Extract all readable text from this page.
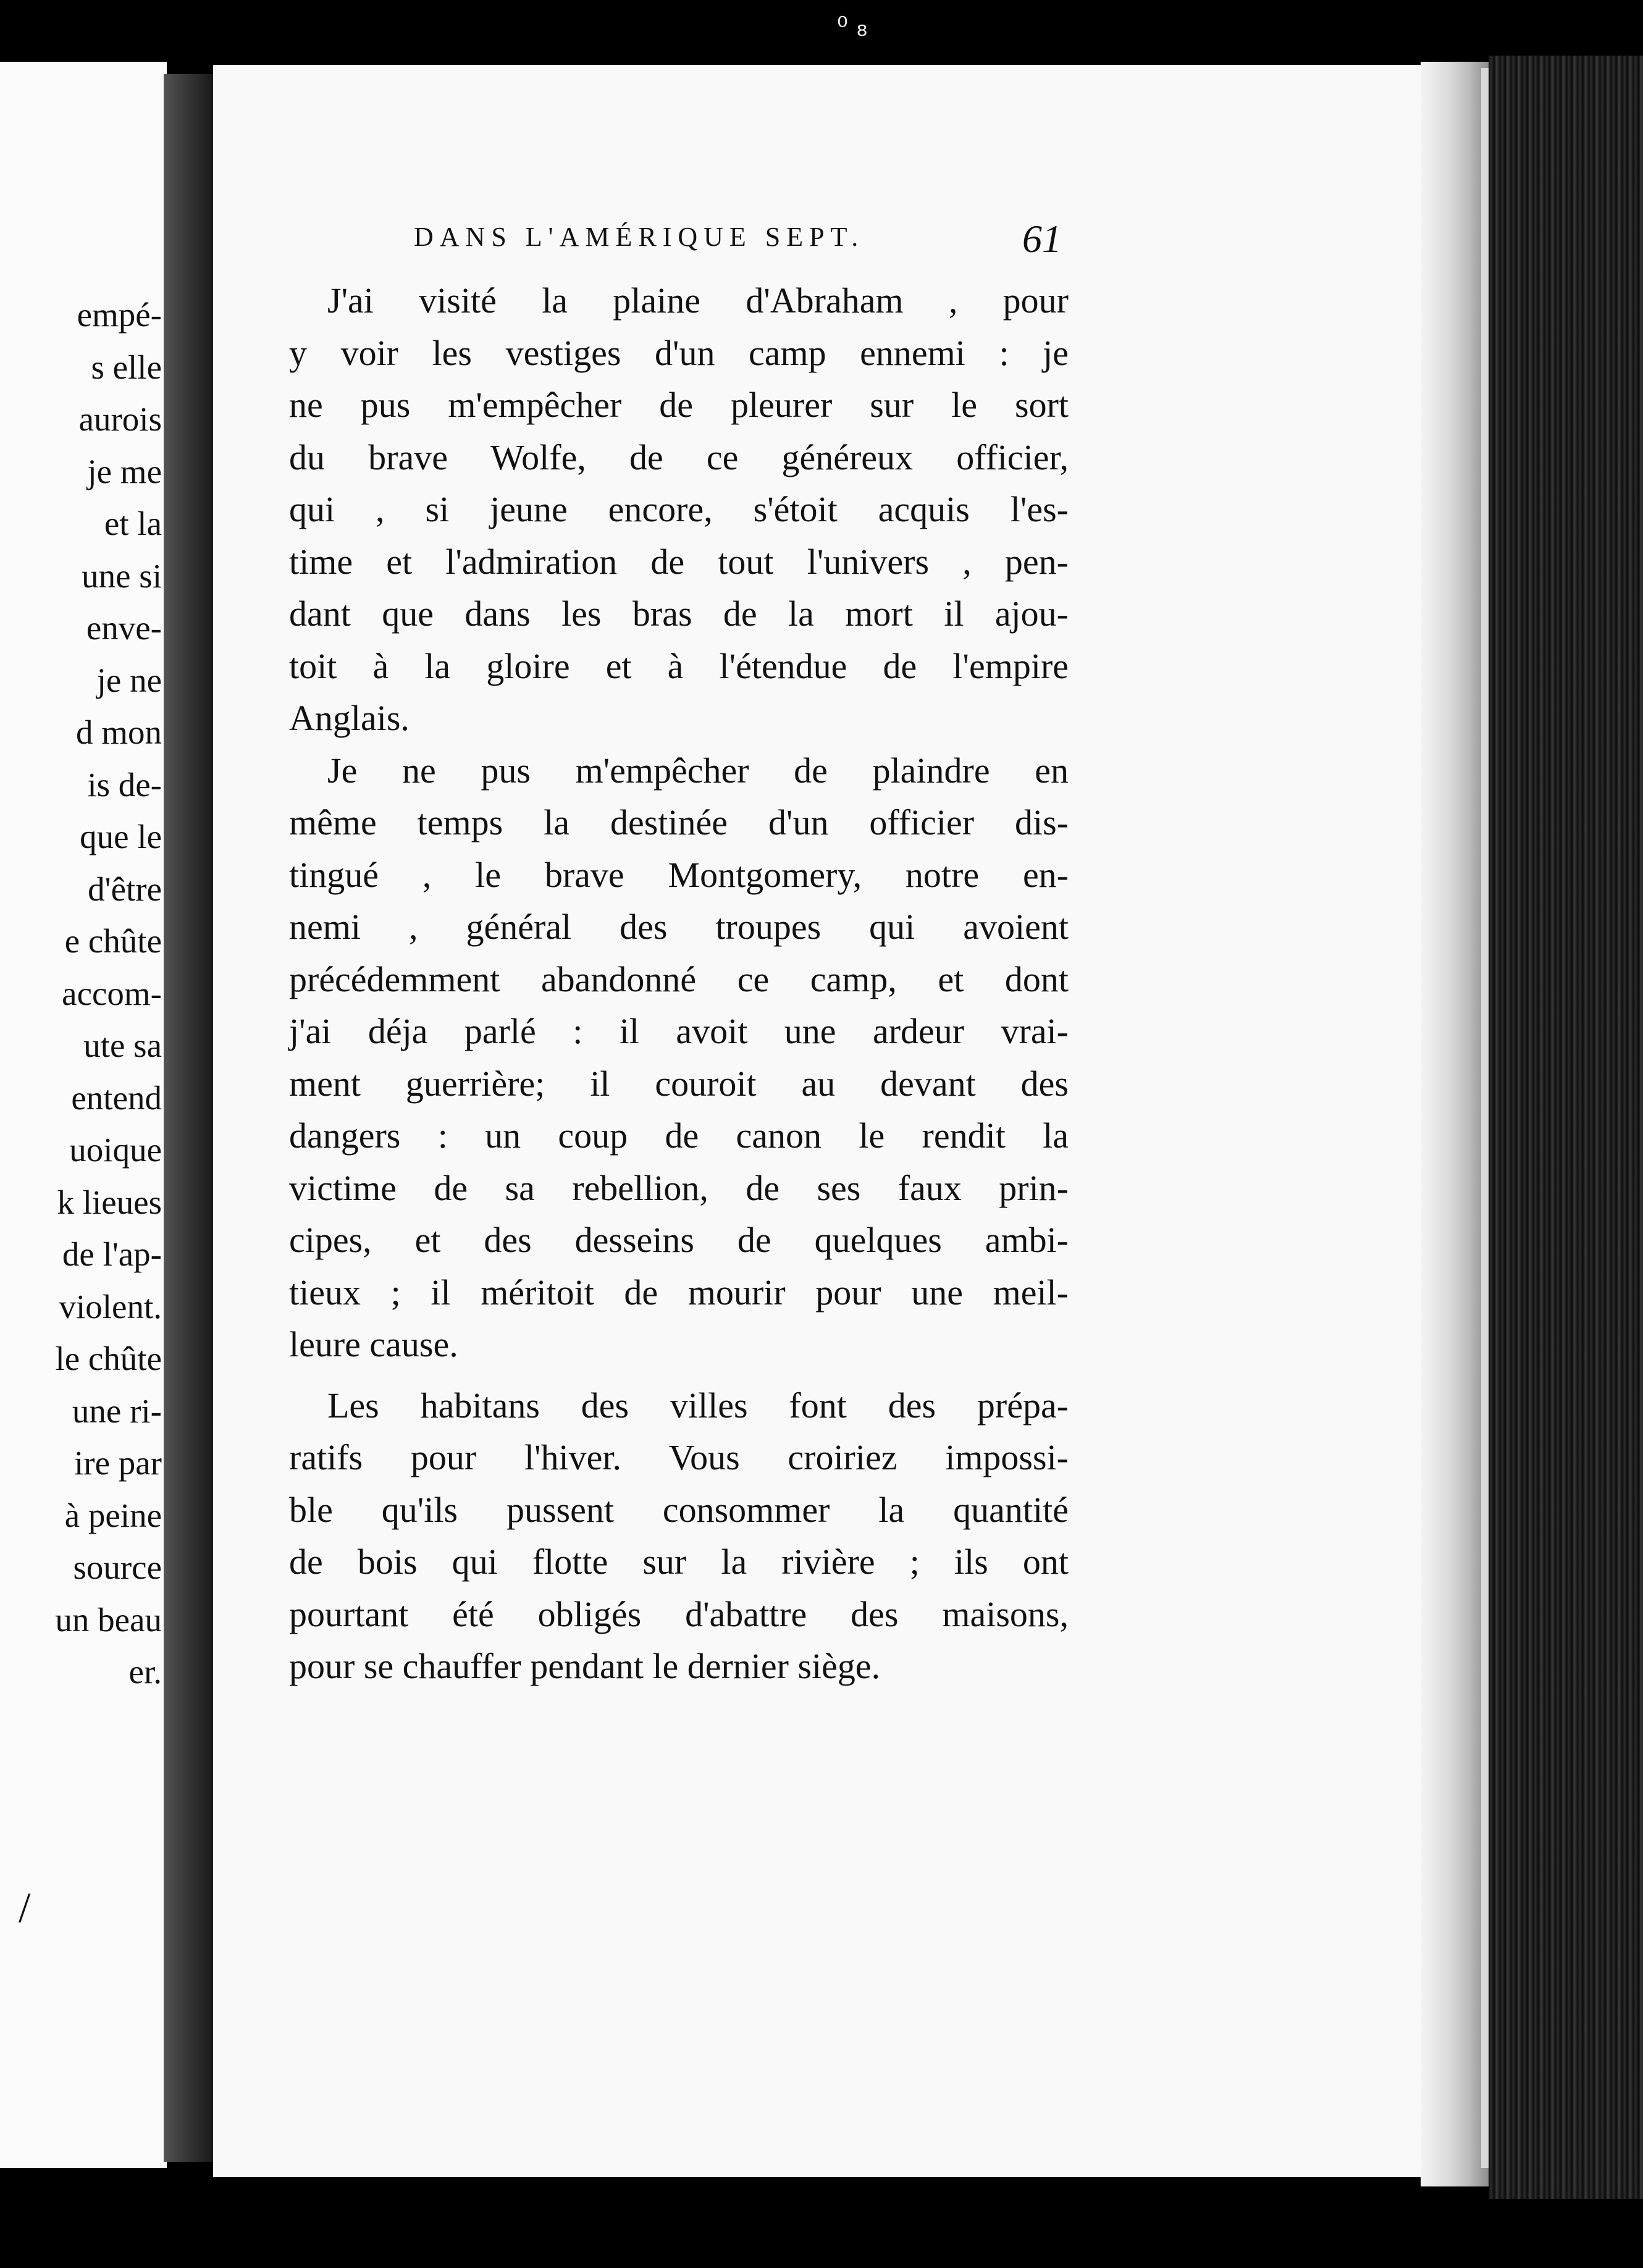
⁰ ₈
/
empé-
s elle
aurois
je me
et la
une si
enve-
je ne
d mon
is de-
que le
d'être
e chûte
accom-
ute sa
entend
uoique
k lieues
de l'ap-
violent.
le chûte
une ri-
ire par
à peine
source
un beau
er.
DANS L'AMÉRIQUE SEPT.	61
J'ai visité la plaine d'Abraham , pour
y voir les vestiges d'un camp ennemi : je
ne pus m'empêcher de pleurer sur le sort
du brave Wolfe, de ce généreux officier,
qui , si jeune encore, s'étoit acquis l'es-
time et l'admiration de tout l'univers , pen-
dant que dans les bras de la mort il ajou-
toit à la gloire et à l'étendue de l'empire
Anglais.
Je ne pus m'empêcher de plaindre en
même temps la destinée d'un officier dis-
tingué , le brave Montgomery, notre en-
nemi , général des troupes qui avoient
précédemment abandonné ce camp, et dont
j'ai déja parlé : il avoit une ardeur vrai-
ment guerrière; il couroit au devant des
dangers : un coup de canon le rendit la
victime de sa rebellion, de ses faux prin-
cipes, et des desseins de quelques ambi-
tieux ; il méritoit de mourir pour une meil-
leure cause.
Les habitans des villes font des prépa-
ratifs pour l'hiver. Vous croiriez impossi-
ble qu'ils pussent consommer la quantité
de bois qui flotte sur la rivière ; ils ont
pourtant été obligés d'abattre des maisons,
pour se chauffer pendant le dernier siège.
